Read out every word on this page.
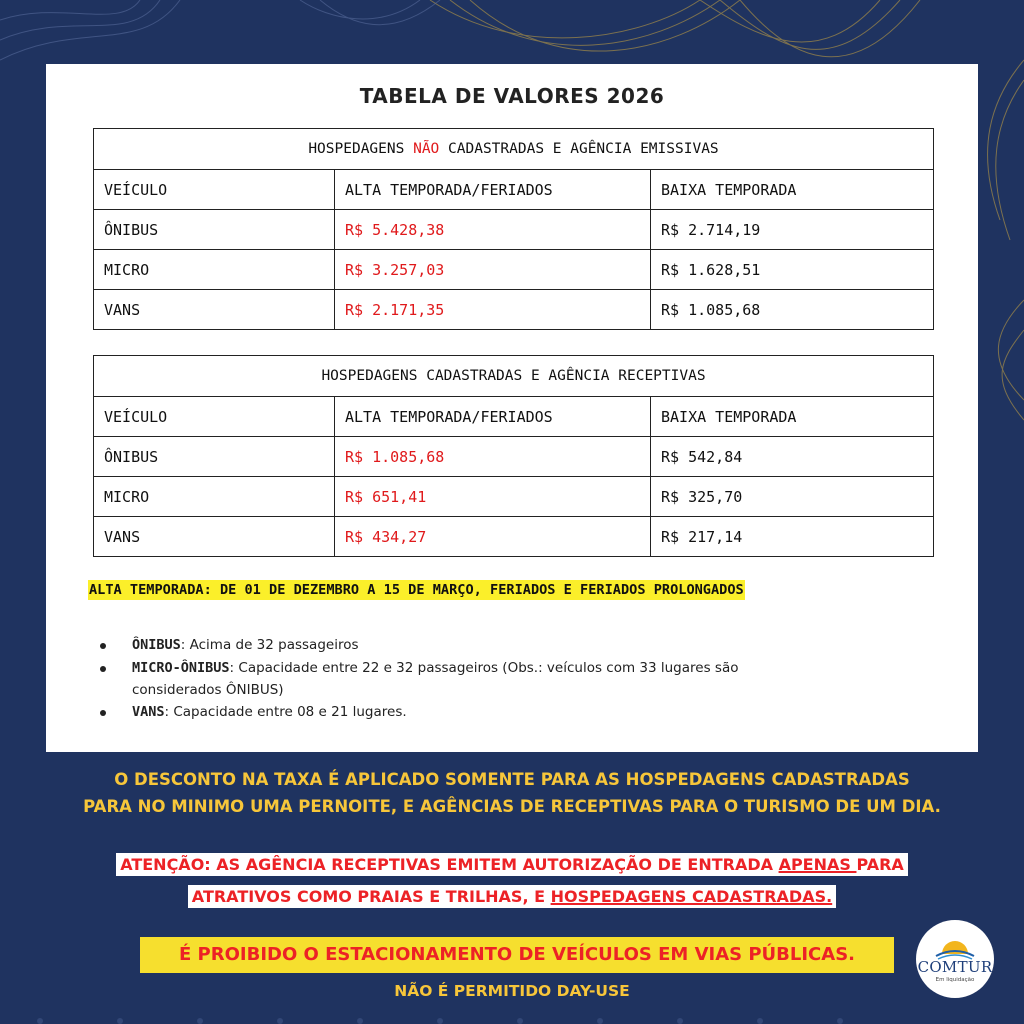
TABELA DE VALORES 2026
HOSPEDAGENS NÃO CADASTRADAS E AGÊNCIA EMISSIVAS		
VEÍCULO	ALTA TEMPORADA/FERIADOS	BAIXA TEMPORADA
ÔNIBUS	R$ 5.428,38	R$ 2.714,19
MICRO	R$ 3.257,03	R$ 1.628,51
VANS	R$ 2.171,35	R$ 1.085,68
HOSPEDAGENS CADASTRADAS E AGÊNCIA RECEPTIVAS		
VEÍCULO	ALTA TEMPORADA/FERIADOS	BAIXA TEMPORADA
ÔNIBUS	R$ 1.085,68	R$ 542,84
MICRO	R$ 651,41	R$ 325,70
VANS	R$ 434,27	R$ 217,14
ALTA TEMPORADA: DE 01 DE DEZEMBRO A 15 DE MARÇO, FERIADOS E FERIADOS PROLONGADOS
ÔNIBUS: Acima de 32 passageiros
MICRO-ÔNIBUS: Capacidade entre 22 e 32 passageiros (Obs.: veículos com 33 lugares são
considerados ÔNIBUS)
VANS: Capacidade entre 08 e 21 lugares.
O DESCONTO NA TAXA É APLICADO SOMENTE PARA AS HOSPEDAGENS CADASTRADAS
PARA NO MINIMO UMA PERNOITE, E AGÊNCIAS DE RECEPTIVAS PARA O TURISMO DE UM DIA.
ATENÇÃO: AS AGÊNCIA RECEPTIVAS EMITEM AUTORIZAÇÃO DE ENTRADA APENAS PARA
ATRATIVOS COMO PRAIAS E TRILHAS, E HOSPEDAGENS CADASTRADAS.
É PROIBIDO O ESTACIONAMENTO DE VEÍCULOS EM VIAS PÚBLICAS.
NÃO É PERMITIDO DAY-USE
COMTUR
Em liquidação
